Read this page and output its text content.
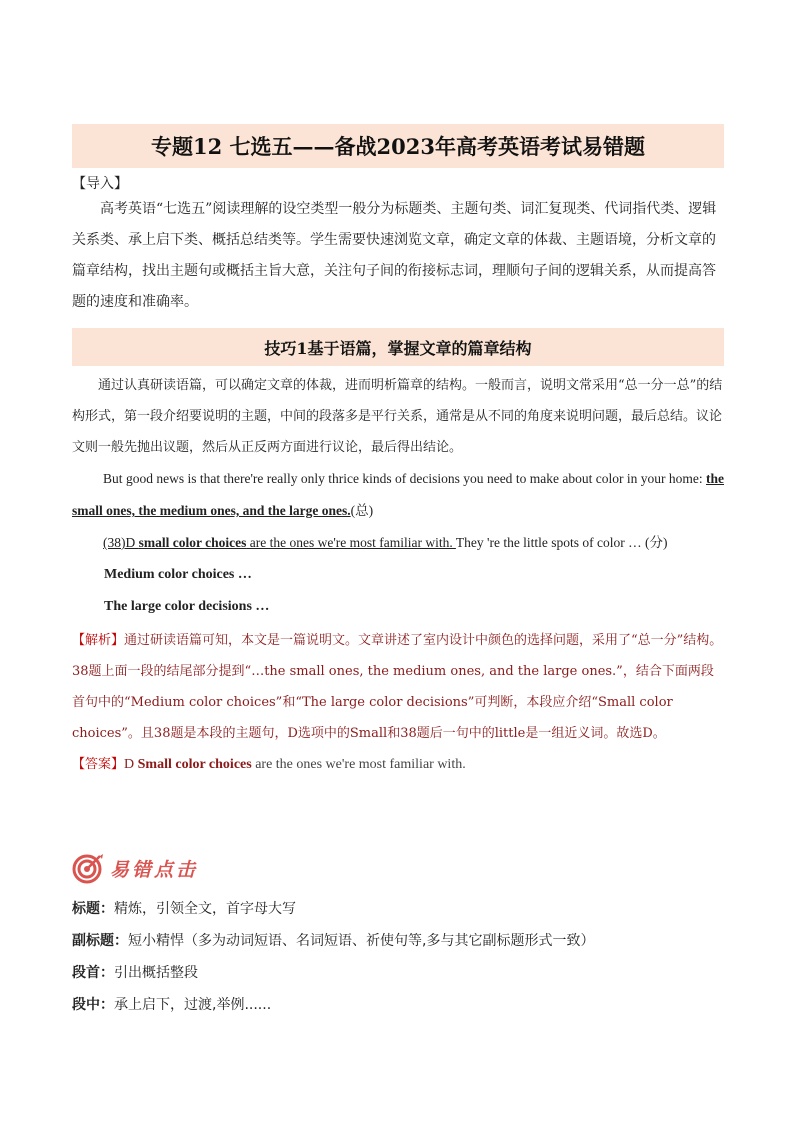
专题12 七选五——备战2023年高考英语考试易错题
【导入】

高考英语“七选五”阅读理解的设空类型一般分为标题类、主题句类、词汇复现类、代词指代类、逻辑关系类、承上启下类、概括总结类等。学生需要快速浏览文章，确定文章的体裁、主题语境，分析文章的篇章结构，找出主题句或概括主旨大意，关注句子间的衔接标志词，理顺句子间的逻辑关系，从而提高答题的速度和准确率。

技巧1基于语篇，掌握文章的篇章结构

通过认真研读语篇，可以确定文章的体裁，进而明析篇章的结构。一般而言，说明文常采用“总一分一总”的结构形式，第一段介绍要说明的主题，中间的段落多是平行关系，通常是从不同的角度来说明问题，最后总结。议论文则一般先抛出议题，然后从正反两方面进行议论，最后得出结论。

But good news is that there're really only thrice kinds of decisions you need to make about color in your home: the small ones, the medium ones, and the large ones.(总)

(38)D small color choices are the ones we're most familiar with. They 're the little spots of color … (分)

Medium color choices …

The large color decisions …

【解析】通过研读语篇可知，本文是一篇说明文。文章讲述了室内设计中颜色的选择问题，采用了“总一分”结构。38题上面一段的结尾部分提到“…the small ones, the medium ones, and the large ones.”，结合下面两段首句中的“Medium color choices”和“The large color decisions”可判断，本段应介绍“Small color choices”。且38题是本段的主题句，D选项中的Small和38题后一句中的little是一组近义词。故选D。

【答案】D Small color choices are the ones we're most familiar with.

易错点击

标题：精炼，引领全文，首字母大写

副标题：短小精悍（多为动词短语、名词短语、祈使句等,多与其它副标题形式一致）

段首：引出概括整段

段中：承上启下，过渡,举例......
